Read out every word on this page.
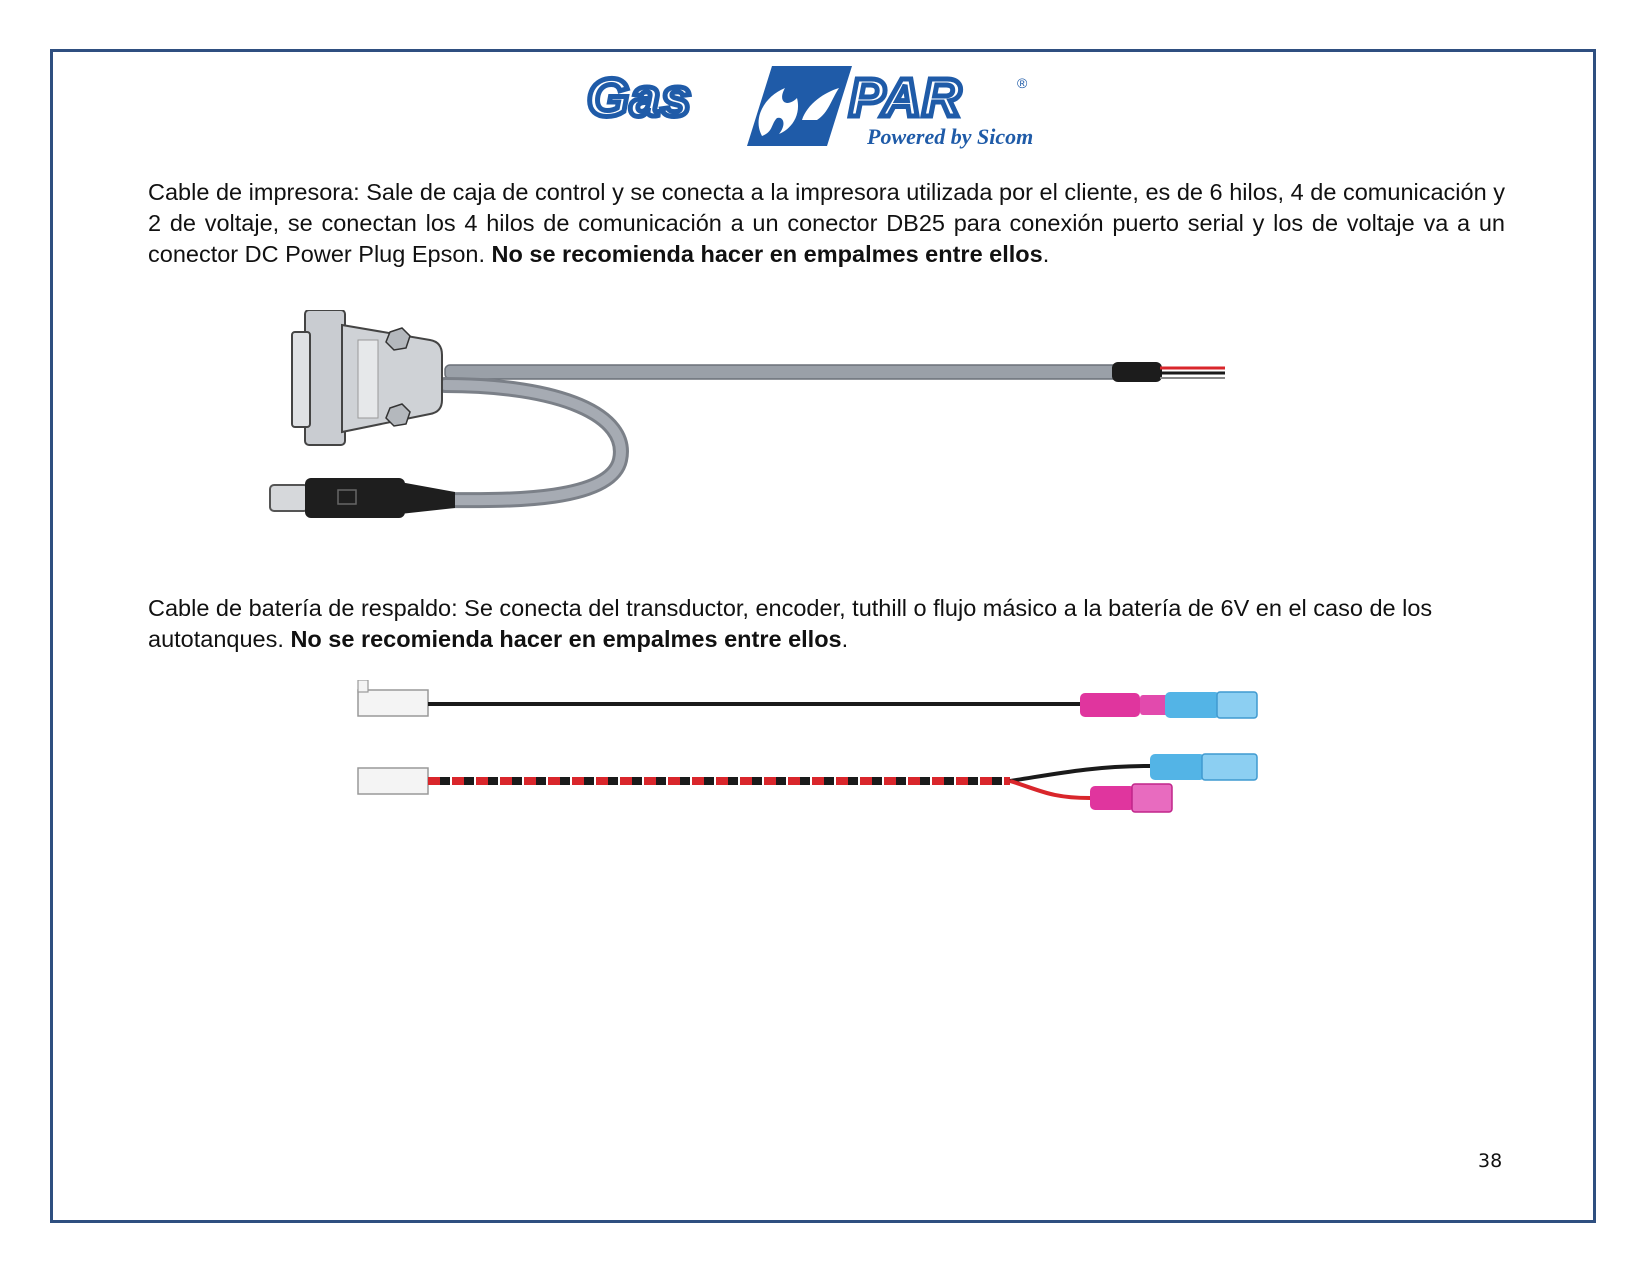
Gas	PAR	®
Powered by Sicom
Cable de impresora: Sale de caja de control y se conecta a la impresora utilizada por el cliente, es de 6 hilos, 4 de comunicación y 2 de voltaje, se conectan los 4 hilos de comunicación a un conector DB25 para conexión puerto serial y los de voltaje va a un conector DC Power Plug Epson. No se recomienda hacer en empalmes entre ellos.
Cable de batería de respaldo: Se conecta del transductor, encoder, tuthill o flujo másico a la batería de 6V en el caso de los autotanques. No se recomienda hacer en empalmes entre ellos.
38
